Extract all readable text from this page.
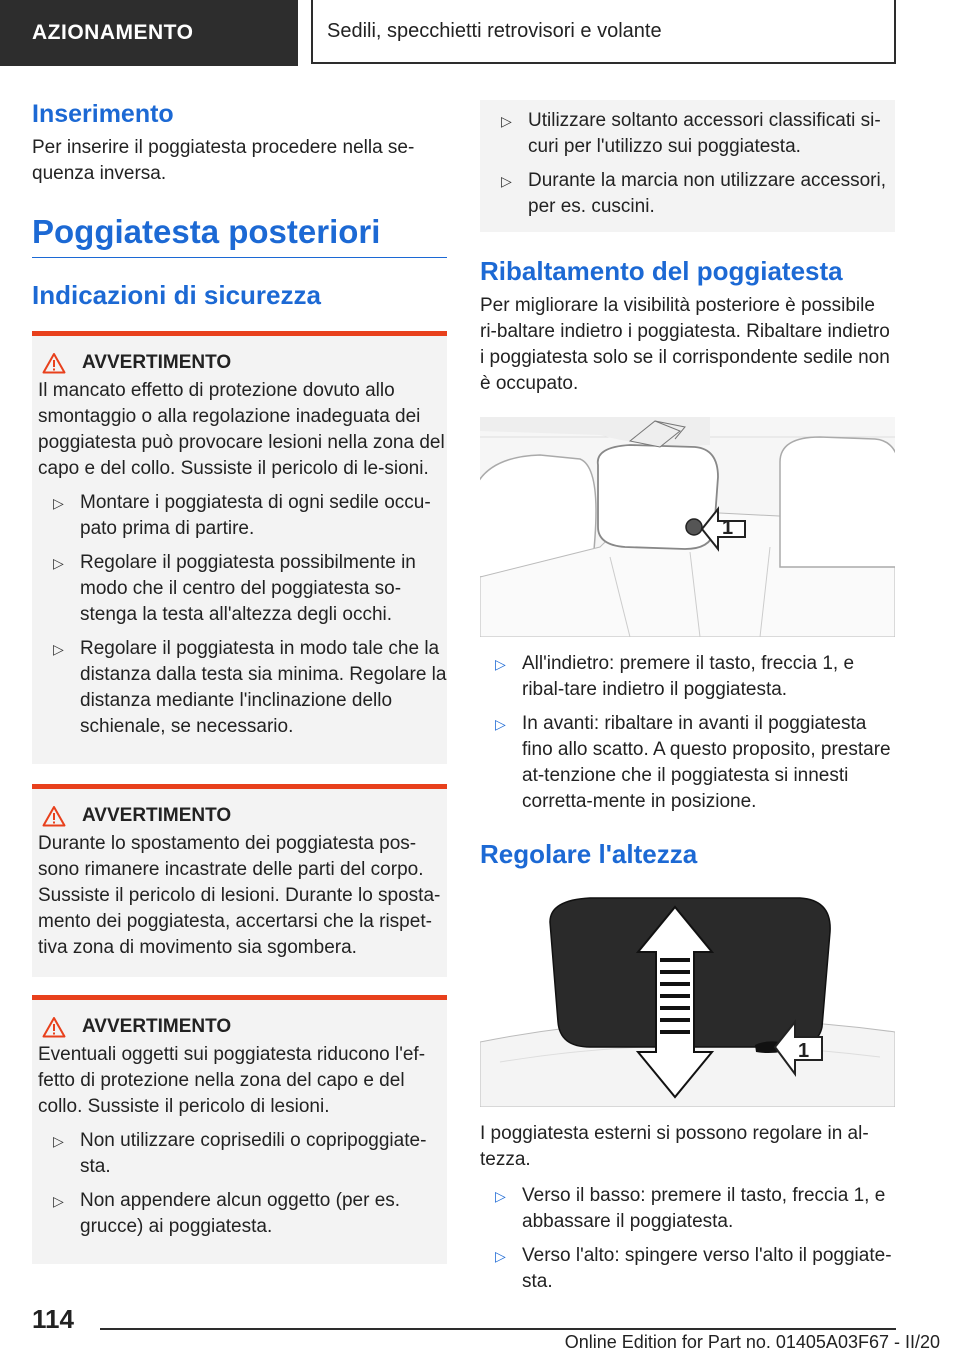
AZIONAMENTO	Sedili, specchietti retrovisori e volante
Inserimento

Per inserire il poggiatesta procedere nella se-quenza inversa.

Poggiatesta posteriori
Indicazioni di sicurezza
AVVERTIMENTO

Il mancato effetto di protezione dovuto allo smontaggio o alla regolazione inadeguata dei poggiatesta può provocare lesioni nella zona del capo e del collo. Sussiste il pericolo di le-sioni.

▷ Montare i poggiatesta di ogni sedile occu-pato prima di partire.
▷ Regolare il poggiatesta possibilmente in modo che il centro del poggiatesta so-stenga la testa all'altezza degli occhi.
▷ Regolare il poggiatesta in modo tale che la distanza dalla testa sia minima. Regolare la distanza mediante l'inclinazione dello schienale, se necessario.
AVVERTIMENTO

Durante lo spostamento dei poggiatesta pos-sono rimanere incastrate delle parti del corpo. Sussiste il pericolo di lesioni. Durante lo sposta-mento dei poggiatesta, accertarsi che la rispet-tiva zona di movimento sia sgombera.

AVVERTIMENTO

Eventuali oggetti sui poggiatesta riducono l'ef-fetto di protezione nella zona del capo e del collo. Sussiste il pericolo di lesioni.

▷ Non utilizzare coprisedili o copripoggiate-sta.
▷ Non appendere alcun oggetto (per es. grucce) ai poggiatesta.
▷ Utilizzare soltanto accessori classificati si-curi per l'utilizzo sui poggiatesta.
▷ Durante la marcia non utilizzare accessori, per es. cuscini.
Ribaltamento del poggiatesta

Per migliorare la visibilità posteriore è possibile ri-baltare indietro i poggiatesta. Ribaltare indietro i poggiatesta solo se il corrispondente sedile non è occupato.

1
▷ All'indietro: premere il tasto, freccia 1, e ribal-tare indietro il poggiatesta.
▷ In avanti: ribaltare in avanti il poggiatesta fino allo scatto. A questo proposito, prestare at-tenzione che il poggiatesta si innesti corretta-mente in posizione.
Regolare l'altezza
1

I poggiatesta esterni si possono regolare in al-tezza.

▷ Verso il basso: premere il tasto, freccia 1, e abbassare il poggiatesta.
▷ Verso l'alto: spingere verso l'alto il poggiate-sta.
114
Online Edition for Part no. 01405A03F67 - II/20
